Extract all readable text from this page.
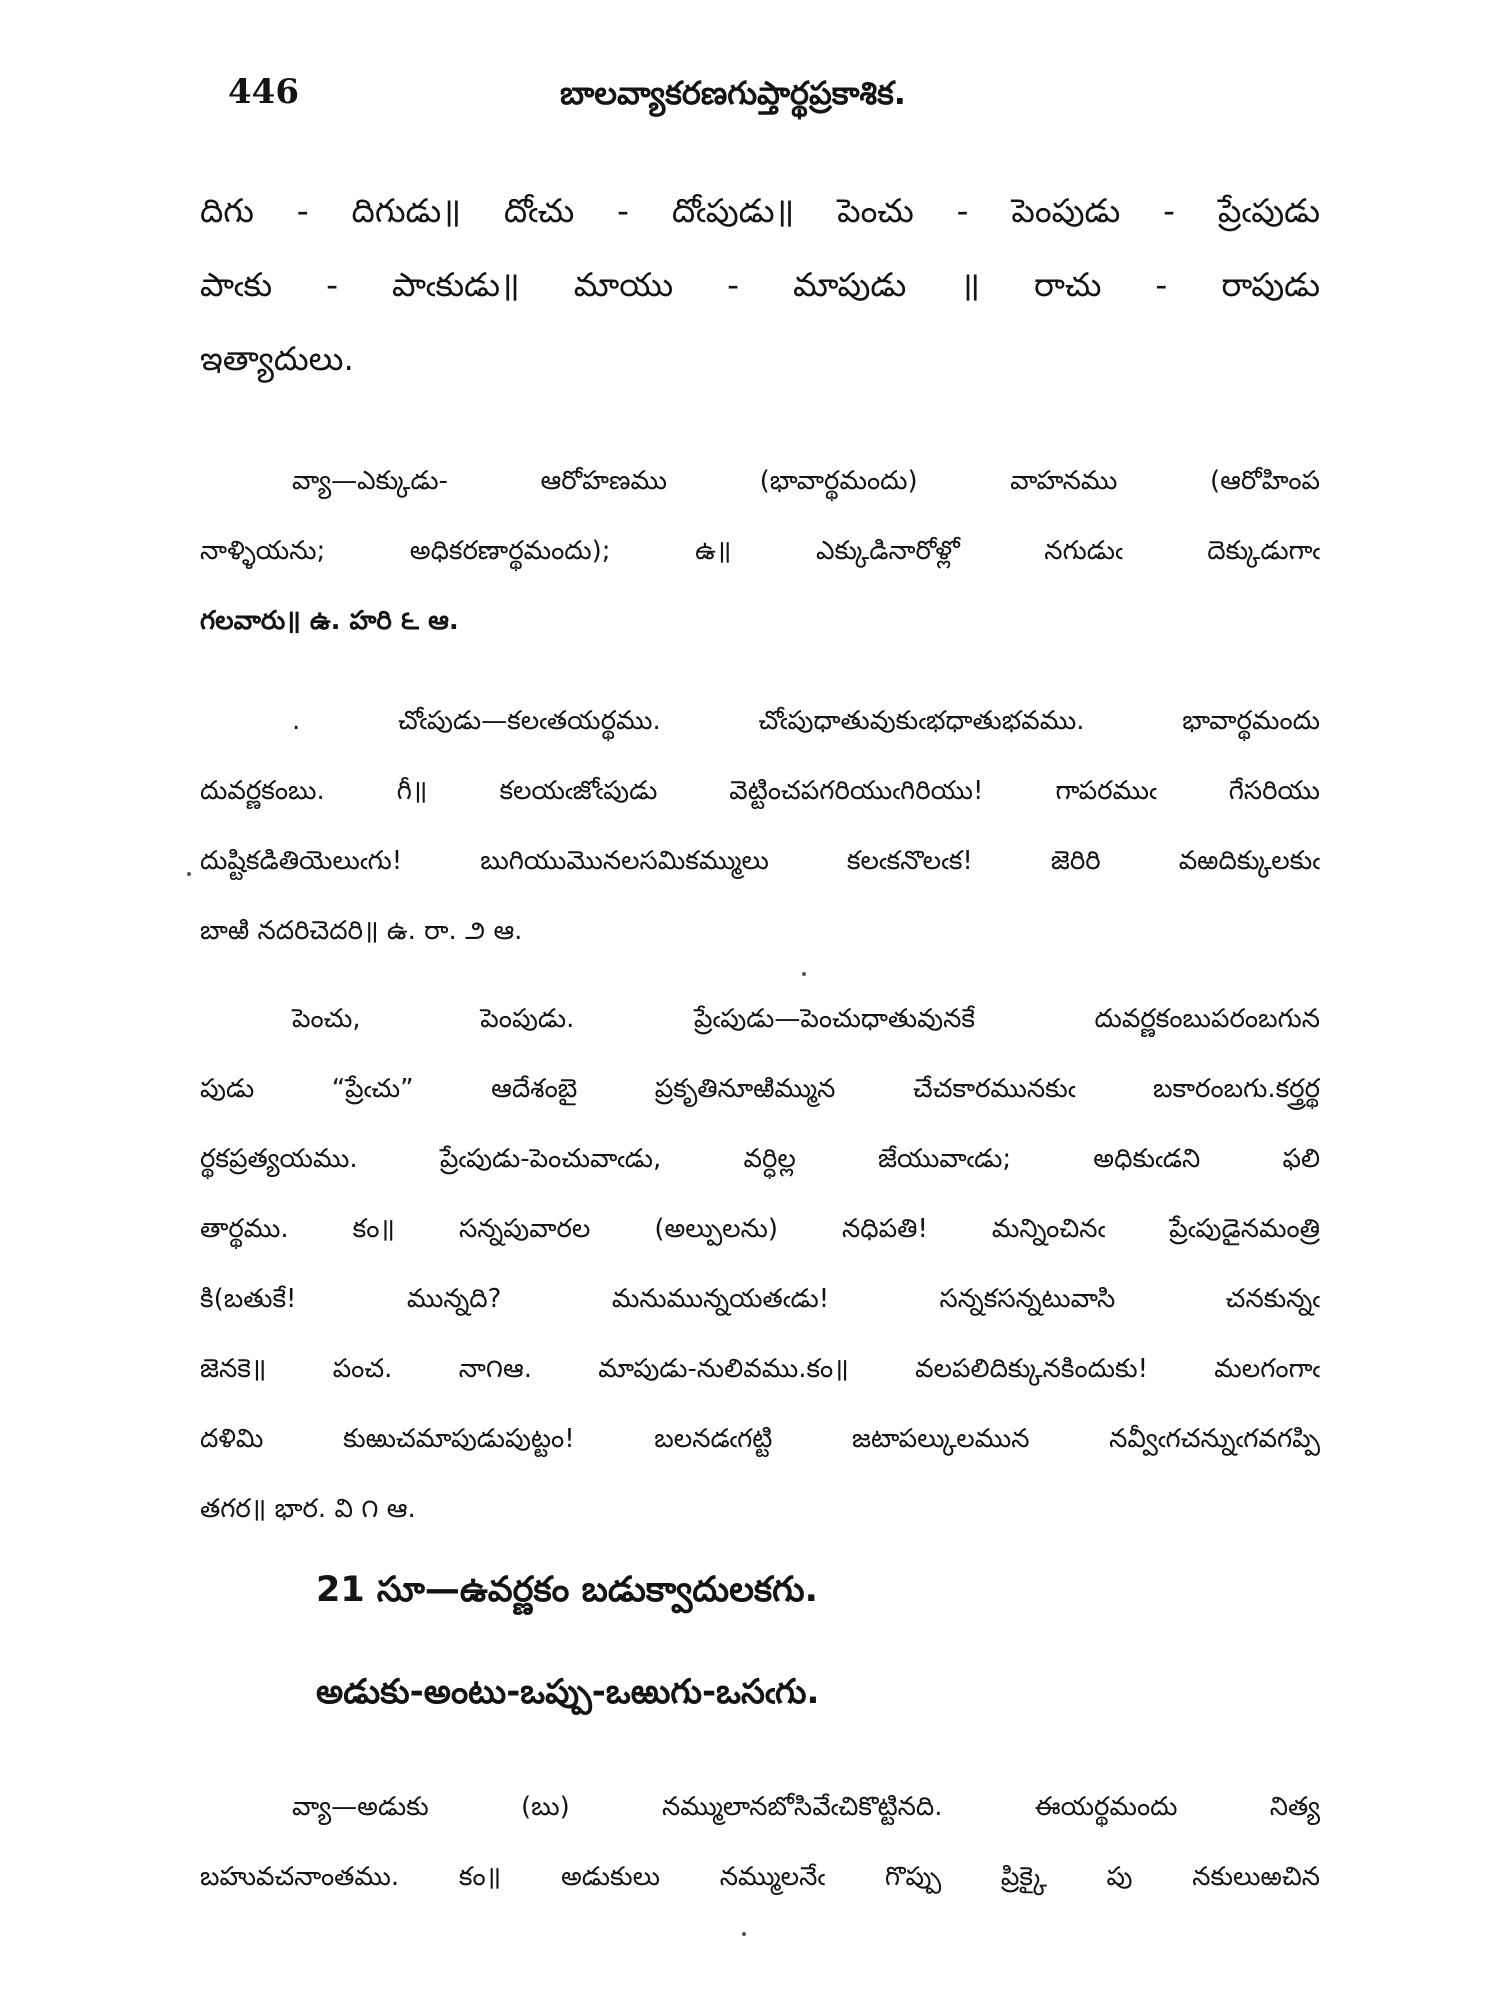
446	బాలవ్యాకరణగుప్తార్థప్రకాశిక.
దిగు - దిగుడు॥ దోఁచు - దోఁపుడు॥ పెంచు - పెంపుడు - ప్రేఁపుడు
పాఁకు - పాఁకుడు॥ మాయు - మాపుడు ॥ రాచు - రాపుడు
ఇత్యాదులు.
వ్యా—ఎక్కుడు- ఆరోహణము (భావార్థమందు) వాహనము (ఆరోహింప
నాళ్ళియను; అధికరణార్థమందు); ఉ॥ ఎక్కుడినారోళ్లో నగుడుఁ దెక్కుడుగాఁ
గలవారు॥ ఉ. హరి ౬ ఆ.
. చోఁపుడు—కలఁతయర్థము. చోఁపుధాతువుకుఁభధాతుభవము. భావార్థమందు
దువర్ణకంబు. గీ॥ కలయఁజోఁపుడు వెట్టించపగరియుఁగిరియు! గాపరముఁ గేసరియు
దుష్టికడితియెలుఁగు! బుగియుమొనలసమికమ్ములు కలఁకనొలఁక! జెరిరి వఱదిక్కులకుఁ
బాఱి నదరిచెదరి॥ ఉ. రా. ౨ ఆ.
పెంచు, పెంపుడు. ప్రేఁపుడు—పెంచుధాతువునకే దువర్ణకంబుపరంబగున
పుడు “ప్రేఁచు” ఆదేశంబై ప్రకృతినూఱిమ్మున చేచకారమునకుఁ బకారంబగు.కర్త్రర్థ
ర్థకప్రత్యయము. ప్రేఁపుడు-పెంచువాఁడు, వర్ధిల్ల జేయువాఁడు; అధికుఁడని ఫలి
తార్థము. కం॥ సన్నపువారల (అల్పులను) నధిపతి! మన్నించినఁ ప్రేఁపుడైనమంత్రి
కి(బతుకే! మున్నది? మనుమున్నయతఁడు! సన్నకసన్నటువాసి చనకున్నఁ
జెనకె॥ పంచ. నా౧ఆ. మాపుడు-నులివము.కం॥ వలపలిదిక్కునకిందుకు! మలగంగాఁ
దళిమి కుఱుచమాపుడుపుట్టం! బలనడఁగట్టి జటాపల్కులమున నవ్వీఁగచన్నుఁగవగప్పి
తగర॥ భార. వి ౧ ఆ.
21 సూ—ఉవర్ణకం బడుక్వాదులకగు.
అడుకు-అంటు-ఒప్పు-ఒఱుగు-ఒసఁగు.
వ్యా—అడుకు (బు) నమ్ములానబోసివేఁచికొట్టినది. ఈయర్థమందు నిత్య
బహువచనాంతము. కం॥ అడుకులు నమ్ములనేఁ గొప్పు ప్రిక్కై పు నకులుఱచిన
